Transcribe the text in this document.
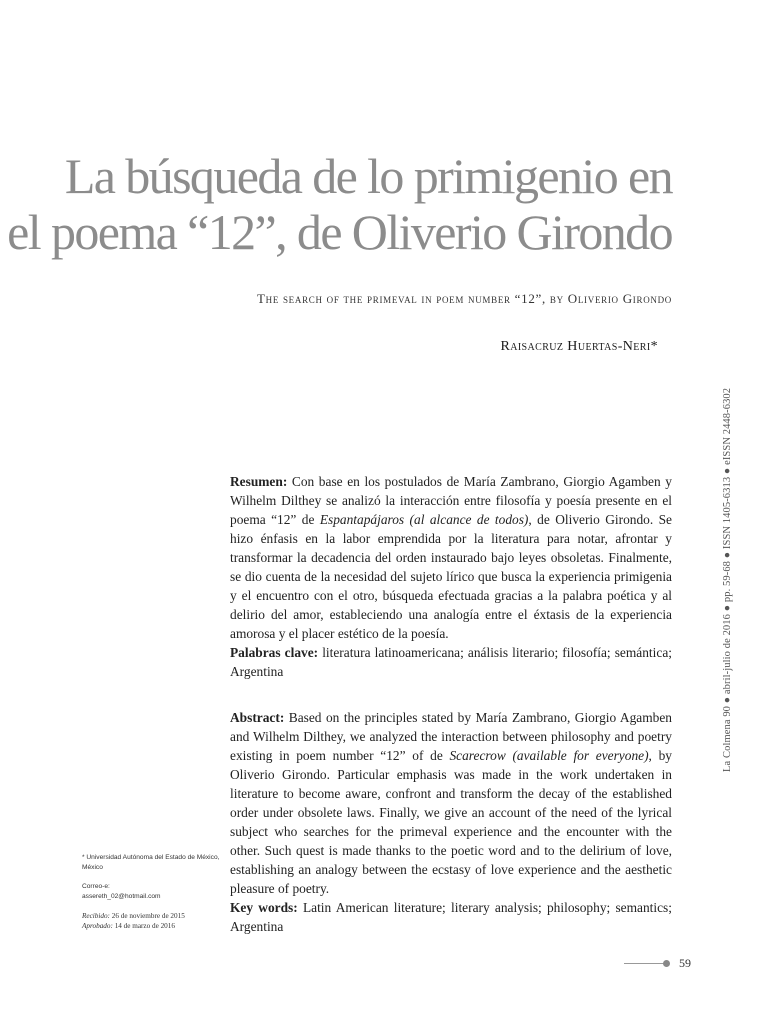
La búsqueda de lo primigenio en
el poema “12”, de Oliverio Girondo

The search of the primeval in poem number “12”, by Oliverio Girondo

Raisacruz Huertas-Neri*

La Colmena 90 ● abril-julio de 2016 ● pp. 59-68 ● ISSN 1405-6313 ● eISSN 2448-6302

Resumen: Con base en los postulados de María Zambrano, Giorgio Agamben y Wilhelm Dilthey se analizó la interacción entre filosofía y poesía presente en el poema “12” de Espantapájaros (al alcance de todos), de Oliverio Girondo. Se hizo énfasis en la labor emprendida por la literatura para notar, afrontar y transformar la decadencia del orden instaurado bajo leyes obsoletas. Finalmente, se dio cuenta de la necesidad del sujeto lírico que busca la experiencia primigenia y el encuentro con el otro, búsqueda efectuada gracias a la palabra poética y al delirio del amor, estableciendo una analogía entre el éxtasis de la experiencia amorosa y el placer estético de la poesía.

Palabras clave: literatura latinoamericana; análisis literario; filosofía; semántica; Argentina

Abstract: Based on the principles stated by María Zambrano, Giorgio Agamben and Wilhelm Dilthey, we analyzed the interaction between philosophy and poetry existing in poem number “12” of de Scarecrow (available for everyone), by Oliverio Girondo. Particular emphasis was made in the work undertaken in literature to become aware, confront and transform the decay of the established order under obsolete laws. Finally, we give an account of the need of the lyrical subject who searches for the primeval experience and the encounter with the other. Such quest is made thanks to the poetic word and to the delirium of love, establishing an analogy between the ecstasy of love experience and the aesthetic pleasure of poetry.

Key words: Latin American literature; literary analysis; philosophy; semantics; Argentina

* Universidad Autónoma del Estado de México, México

Correo-e:
assereth_02@hotmail.com

Recibido: 26 de noviembre de 2015
Aprobado: 14 de marzo de 2016
59
